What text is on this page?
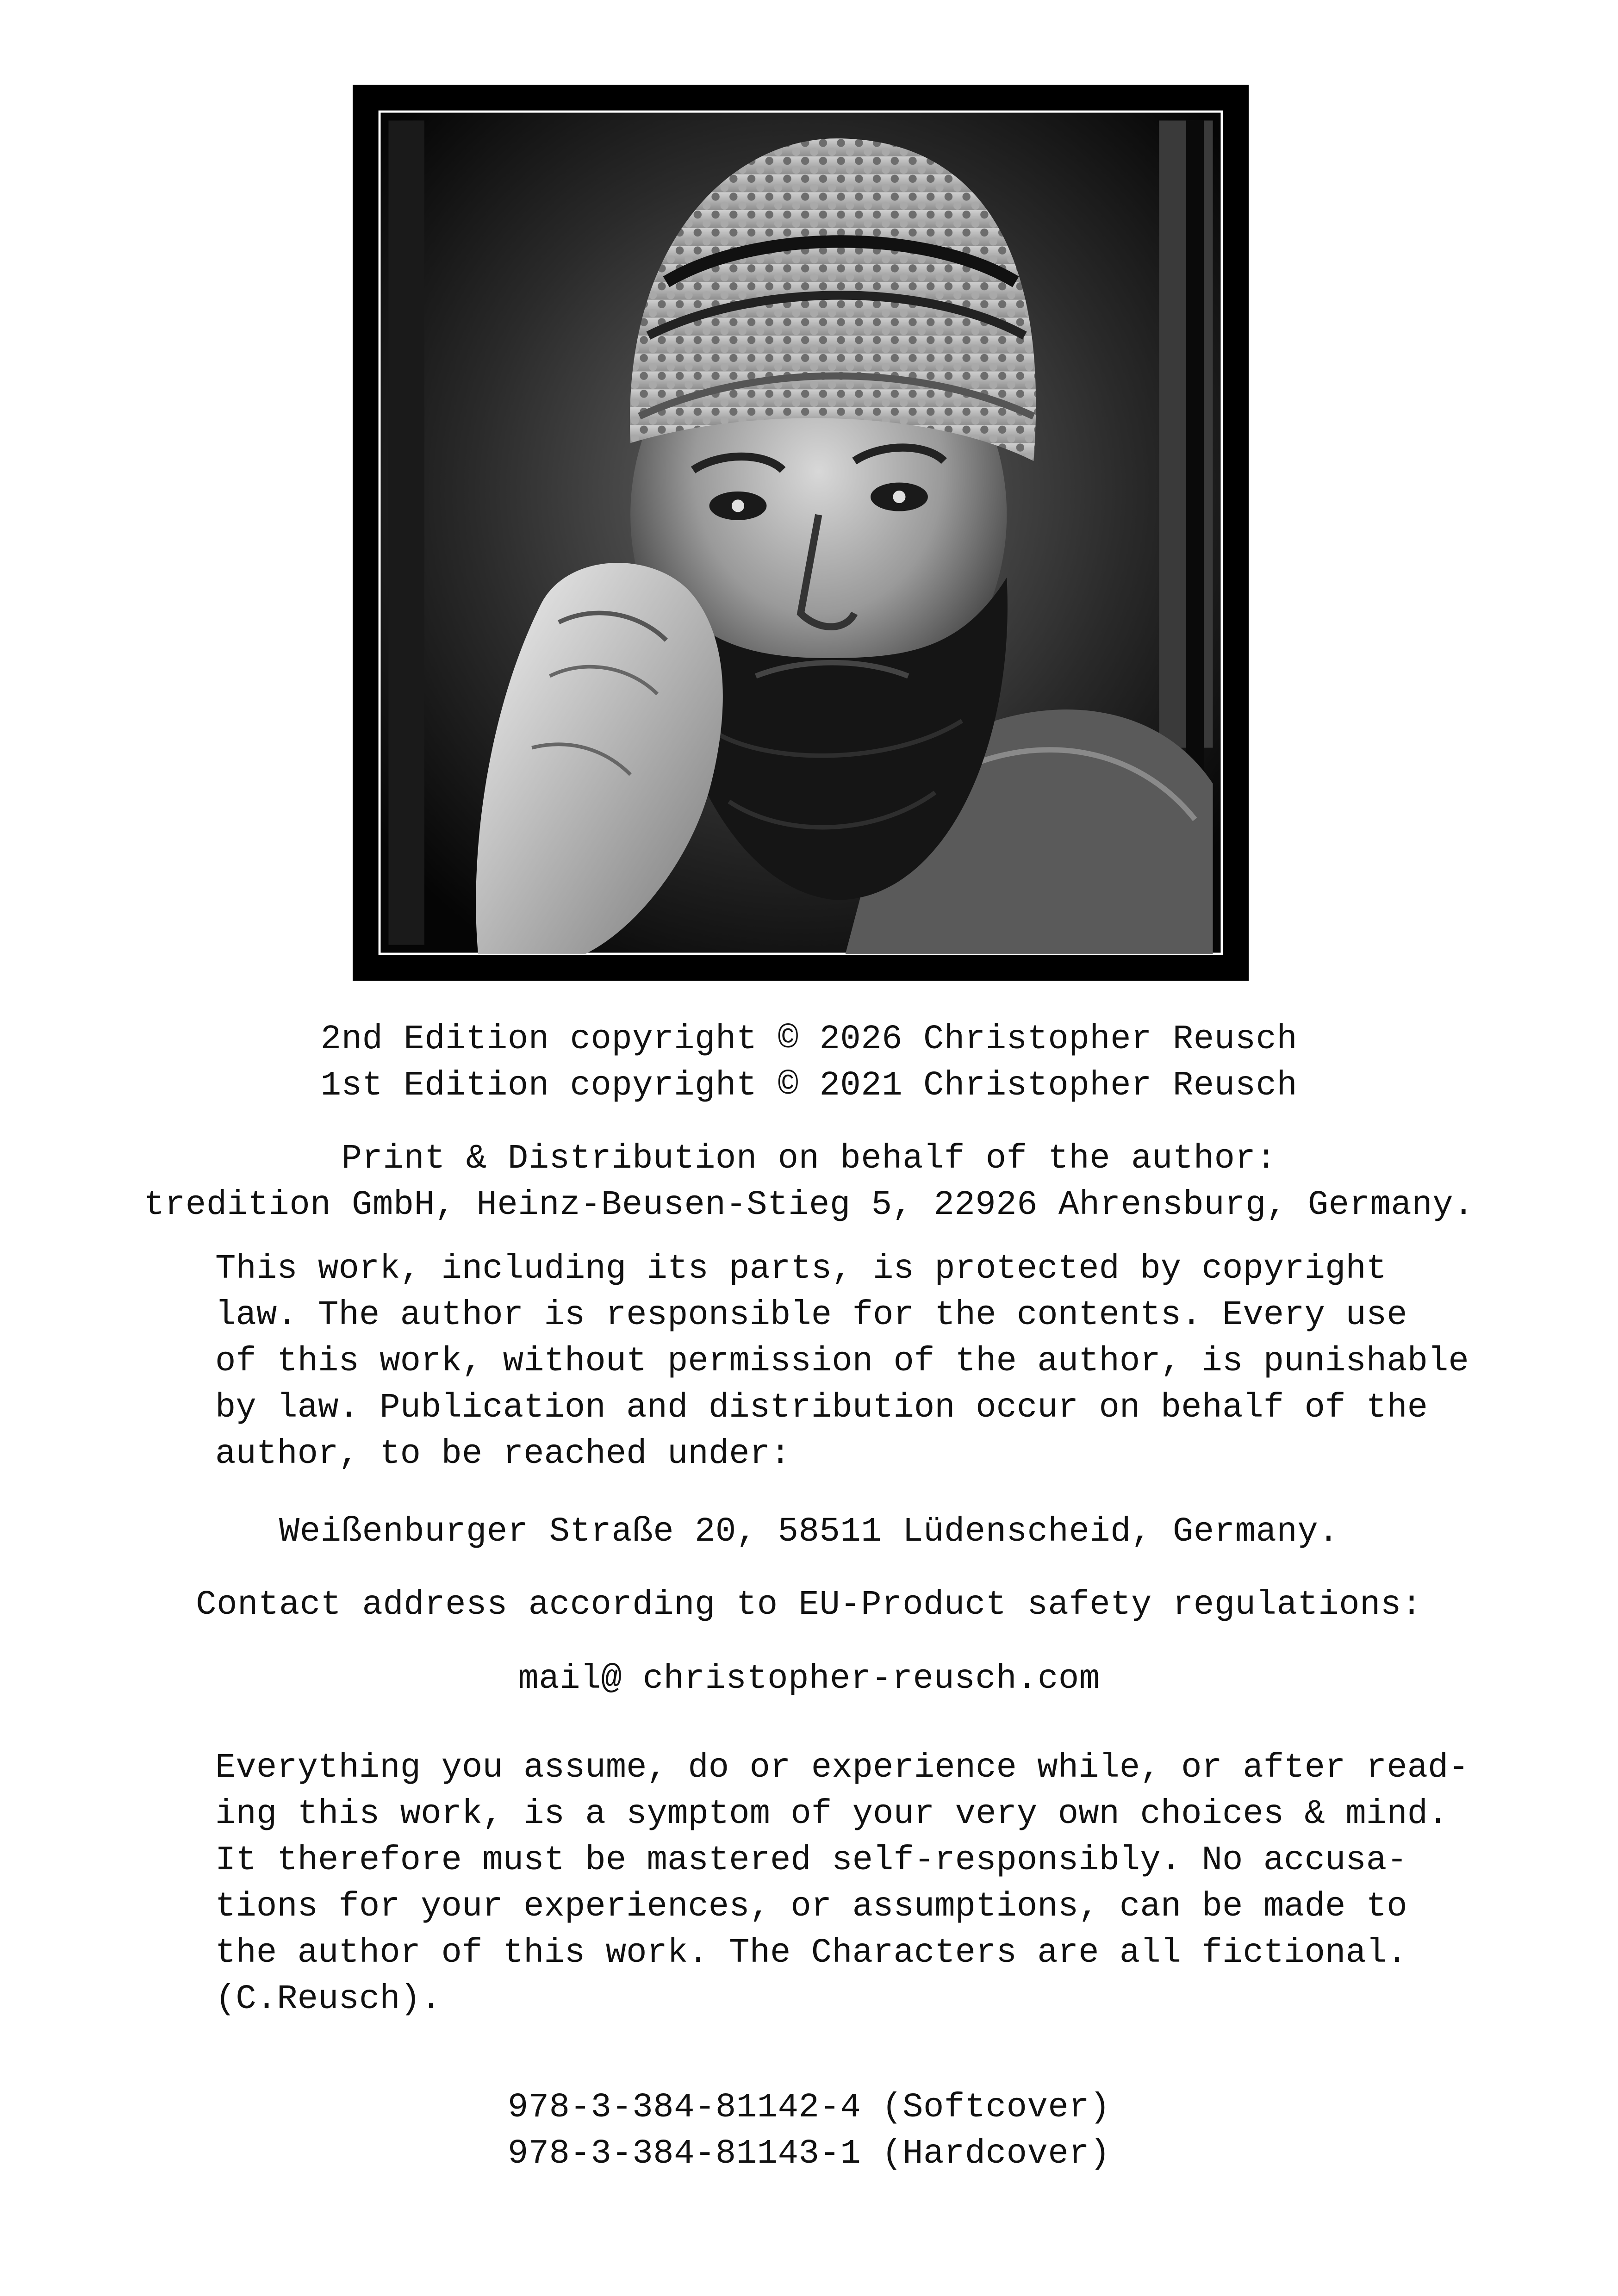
2nd Edition copyright © 2026 Christopher Reusch
1st Edition copyright © 2021 Christopher Reusch
Print & Distribution on behalf of the author:
tredition GmbH, Heinz-Beusen-Stieg 5, 22926 Ahrensburg, Germany.
This work, including its parts, is protected by copyright
law. The author is responsible for the contents. Every use
of this work, without permission of the author, is punishable
by law. Publication and distribution occur on behalf of the
author, to be reached under:
Weißenburger Straße 20, 58511 Lüdenscheid, Germany.
Contact address according to EU-Product safety regulations:
mail@ christopher-reusch.com
Everything you assume, do or experience while, or after read-
ing this work, is a symptom of your very own choices & mind.
It therefore must be mastered self-responsibly. No accusa-
tions for your experiences, or assumptions, can be made to
the author of this work. The Characters are all fictional.
(C.Reusch).
978-3-384-81142-4 (Softcover)
978-3-384-81143-1 (Hardcover)
